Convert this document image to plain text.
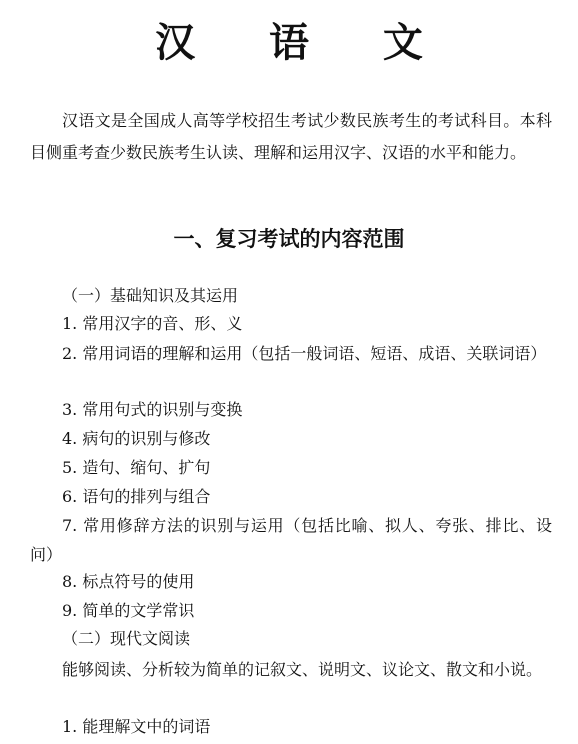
汉 语 文

汉语文是全国成人高等学校招生考试少数民族考生的考试科目。本科目侧重考查少数民族考生认读、理解和运用汉字、汉语的水平和能力。

一、复习考试的内容范围

（一）基础知识及其运用

1. 常用汉字的音、形、义

2. 常用词语的理解和运用（包括一般词语、短语、成语、关联词语）

3. 常用句式的识别与变换

4. 病句的识别与修改

5. 造句、缩句、扩句

6. 语句的排列与组合

7. 常用修辞方法的识别与运用（包括比喻、拟人、夸张、排比、设问）

8. 标点符号的使用

9. 简单的文学常识

（二）现代文阅读

能够阅读、分析较为简单的记叙文、说明文、议论文、散文和小说。

1. 能理解文中的词语
